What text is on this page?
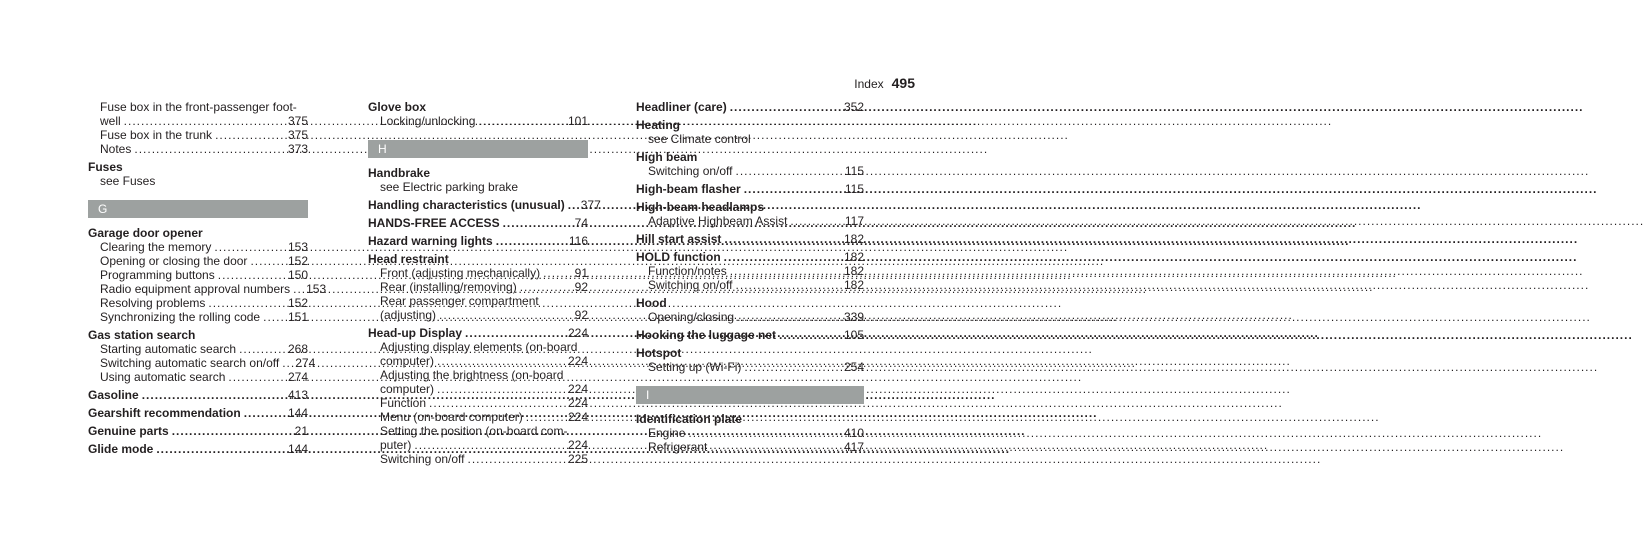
Index 495
Fuse box in the front-passenger foot-
well .....	375
Fuse box in the trunk .....	375
Notes .....	373
Fuses
see Fuses
G
Garage door opener
Clearing the memory .....	153
Opening or closing the door .....	152
Programming buttons .....	150
Radio equipment approval numbers ..... 153
Resolving problems .....	152
Synchronizing the rolling code ..... 151
Gas station search
Starting automatic search .....	268
Switching automatic search on/off ..... 274
Using automatic search .....	274
Gasoline .....	413
Gearshift recommendation .....	144
Genuine parts .....	21
Glide mode .....	144
Glove box
Locking/unlocking .....	101
H
Handbrake
see Electric parking brake
Handling characteristics (unusual) ..... 377
HANDS-FREE ACCESS .....	74
Hazard warning lights .....	116
Head restraint
Front (adjusting mechanically) .....	91
Rear (installing/removing) .....	92
Rear passenger compartment
(adjusting) .....	92
Head-up Display .....	224
Adjusting display elements (on-board
computer) .....	224
Adjusting the brightness (on-board
computer) .....	224
Function .....	224
Menu (on-board computer) .....	224
Setting the position (on-board com-
puter) .....	224
Switching on/off .....	225
Headliner (care) .....	352
Heating
see Climate control
High beam
Switching on/off .....	115
High-beam flasher .....	115
High-beam headlamps
Adaptive Highbeam Assist .....	117
Hill start assist .....	182
HOLD function .....	182
Function/notes .....	182
Switching on/off .....	182
Hood
Opening/closing .....	339
Hooking the luggage net .....	105
Hotspot
Setting up (Wi-Fi) .....	254
I
Identification plate
Engine .....	410
Refrigerant .....	417
